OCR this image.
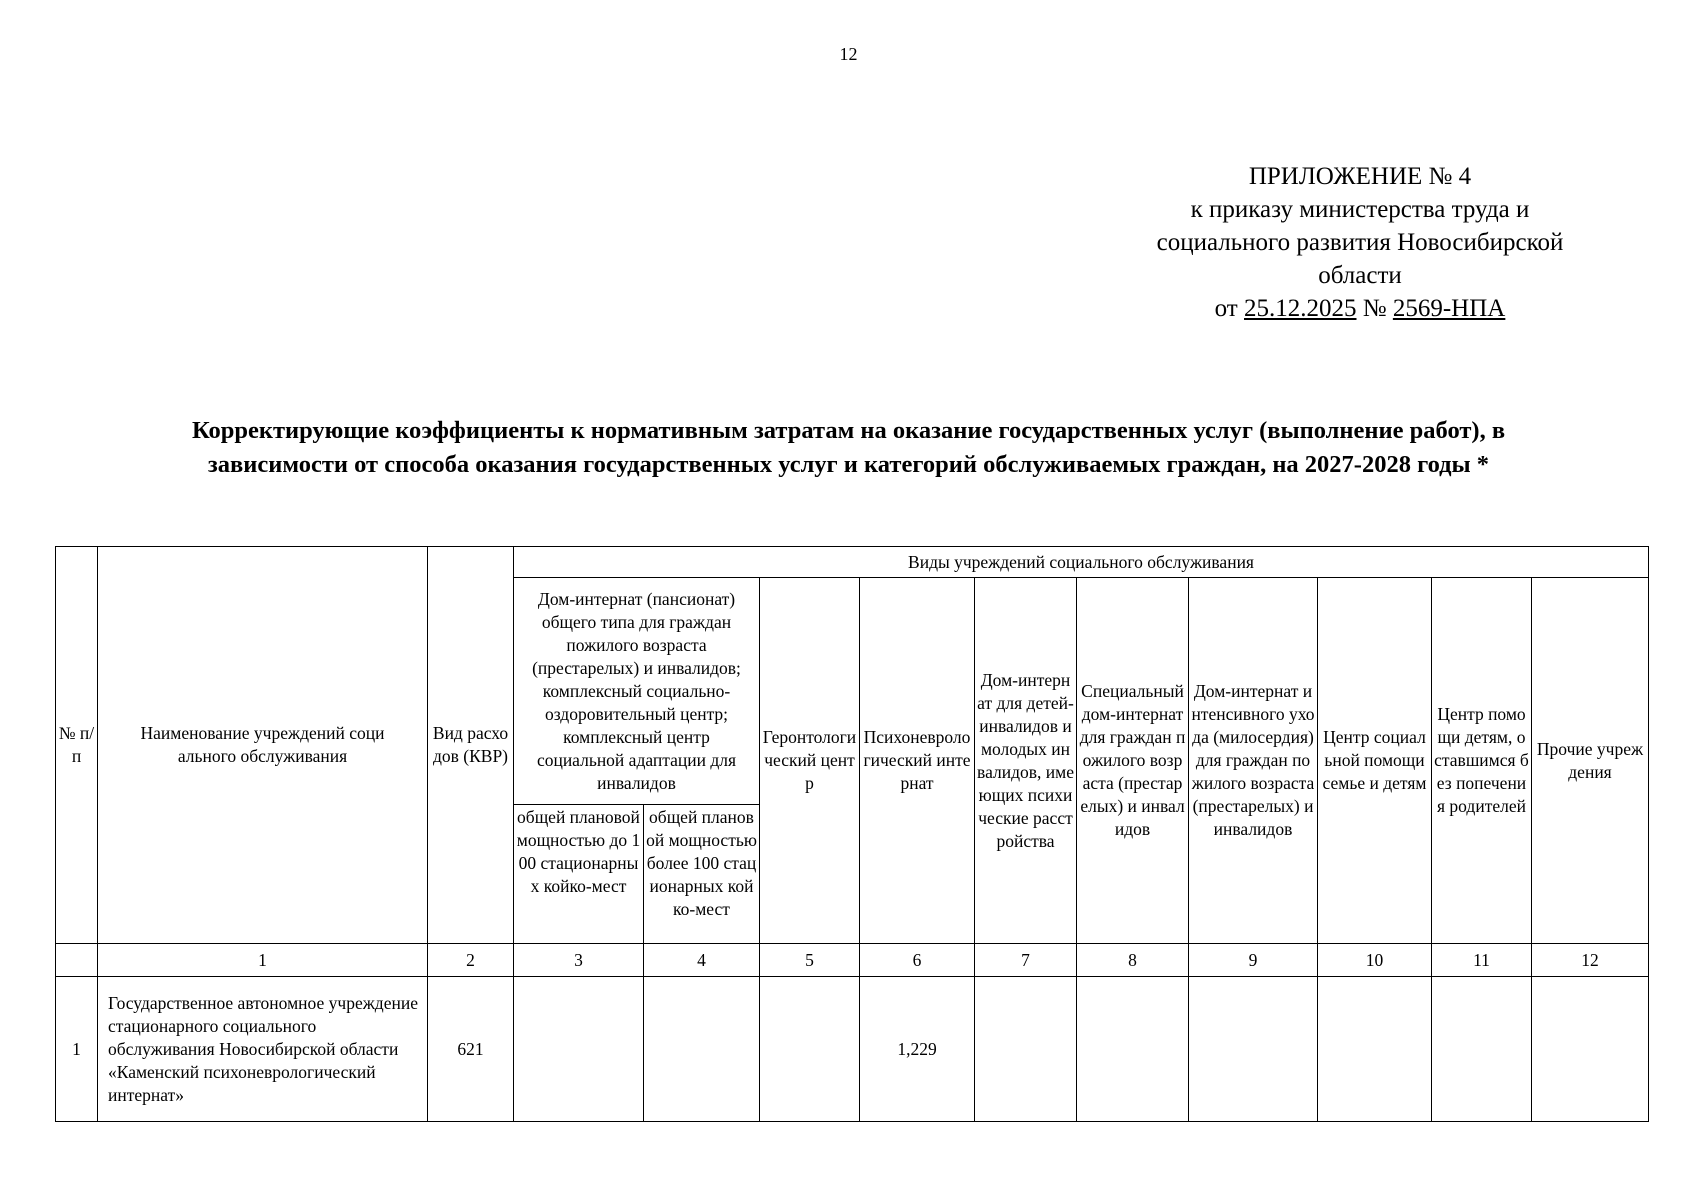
12
ПРИЛОЖЕНИЕ № 4
к приказу министерства труда и
социального развития Новосибирской
области
от 25.12.2025 № 2569-НПА
Корректирующие коэффициенты к нормативным затратам на оказание государственных услуг (выполнение работ), в
зависимости от способа оказания государственных услуг и категорий обслуживаемых граждан, на 2027-2028 годы *
№ п/п	Наименование учреждений социального обслуживания	Вид расходов (КВР)	Виды учреждений социального обслуживания									
			Дом-интернат (пансионат) общего типа для граждан пожилого возраста (престарелых) и инвалидов; комплексный социально-оздоровительный центр; комплексный центр социальной адаптации для инвалидов		Геронтологический центр	Психоневрологический интернат	Дом-интернат для детей-инвалидов и молодых инвалидов, имеющих психические расстройства	Специальный дом-интернат для граждан пожилого возраста (престарелых) и инвалидов	Дом-интернат интенсивного ухода (милосердия) для граждан пожилого возраста (престарелых) и инвалидов	Центр социальной помощи семье и детям	Центр помощи детям, оставшимся без попечения родителей	Прочие учреждения
			общей плановой мощностью до 100 стационарных койко-мест	общей плановой мощностью более 100 стационарных койко-мест								
	1	2	3	4	5	6	7	8	9	10	11	12
1	Государственное автономное учреждение стационарного социального обслуживания Новосибирской области «Каменский психоневрологический интернат»	621				1,229						
